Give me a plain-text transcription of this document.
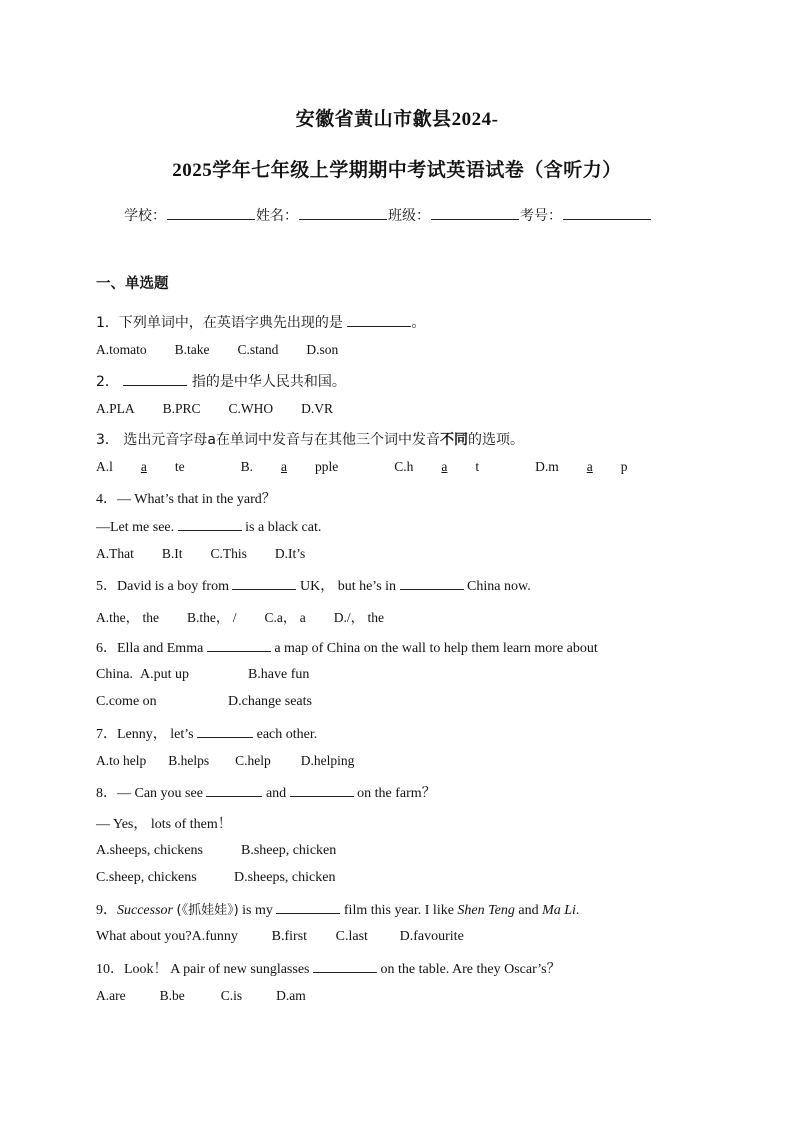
安徽省黄山市歙县2024-
2025学年七年级上学期期中考试英语试卷（含听力）
学校：	姓名：	班级：	考号：
一、单选题
1．下列单词中，在英语字典先出现的是	。
A.tomato B.take C.stand D.son
2．	指的是中华人民共和国。
A.PLA B.PRC C.WHO D.VR
3． 选出元音字母a在单词中发音与在其他三个词中发音不同的选项。
A.l a te	B. a pple	C.h a t	D.m a p
4．— What’s that in the yard？
—Let me see.	is a black cat.
A.That B.It C.This D.It’s
5．David is a boy from	UK， but he’s in	China now.
A.the， the B.the， / C.a， a D./， the
6．Ella and Emma	a map of China on the wall to help them learn more about
China. A.put up	B.have fun
C.come on	D.change seats
7．Lenny， let’s	each other.
A.to help B.helps C.help D.helping
8．— Can you see	and	on the farm？
— Yes， lots of them！
A.sheeps, chickens	B.sheep, chicken
C.sheep, chickens	D.sheeps, chicken
9．Successor (《抓娃娃》) is my	film this year. I like Shen Teng and Ma Li.
What about you?A.funny B.first C.last D.favourite
10．Look！ A pair of new sunglasses	on the table. Are they Oscar’s？
A.are	B.be	C.is	D.am
